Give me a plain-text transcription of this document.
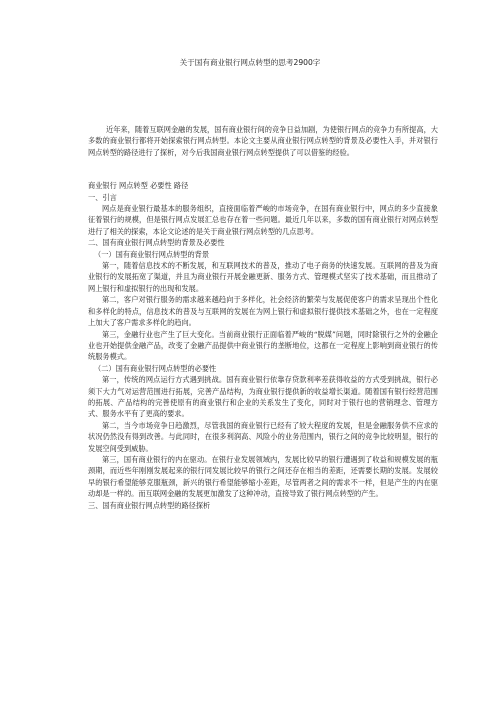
关于国有商业银行网点转型的思考2900字

近年来，随着互联网金融的发展，国有商业银行间的竞争日益加剧，为使银行网点的竞争力有所提高，大多数的商业银行都将开始探索银行网点转型。本论文主要从商业银行网点转型的背景及必要性入手，并对银行网点转型的路径进行了探析，对今后我国商业银行网点转型提供了可以借鉴的经验。

商业银行 网点转型 必要性 路径

一、引言

网点是商业银行最基本的服务组织，直接面临着严峻的市场竞争，在国有商业银行中，网点的多少直接象征着银行的规模，但是银行网点发展汇总也存在着一些问题。最近几年以来，多数的国有商业银行对网点转型进行了相关的探索，本论文论述的是关于商业银行网点转型的几点思考。

二、国有商业银行网点转型的背景及必要性

（一）国有商业银行网点转型的背景

第一，随着信息技术的不断发展，和互联网技术的普及，推动了电子商务的快速发展。互联网的普及为商业银行的发展拓宽了渠道，并且为商业银行开展金融更新、服务方式、管理模式坚实了技术基础，而且推动了网上银行和虚拟银行的出现和发展。

第二，客户对银行服务的需求越来越趋向于多样化，社会经济的繁荣与发展促使客户的需求呈现出个性化和多样化的特点，信息技术的普及与互联网的发展在为网上银行和虚拟银行提供技术基础之外，也在一定程度上加大了客户需求多样化的趋向。

第三，金融行业也产生了巨大变化。当前商业银行正面临着严峻的“脱媒”问题，同时除银行之外的金融企业也开始提供金融产品，改变了金融产品提供中商业银行的垄断地位，这都在一定程度上影响到商业银行的传统服务模式。

（二）国有商业银行网点转型的必要性

第一，传统的网点运行方式遇到挑战。国有商业银行依靠存贷款利率差获得收益的方式受到挑战，银行必须下大力气对运营范围进行拓展，完善产品结构，为商业银行提供新的收益增长渠道。随着国有银行经营范围的拓展、产品结构的完善使原有的商业银行和企业的关系发生了变化，同时对于银行也的营销理念、管理方式、服务水平有了更高的要求。

第二，当今市场竞争日趋激烈，尽管我国的商业银行已经有了较大程度的发展，但是金融服务供不应求的状况仍然没有得到改善。与此同时，在很多利润高、风险小的业务范围内，银行之间的竞争比较明显，银行的发展空间受到威胁。

第三，国有商业银行的内在驱动。在银行业发展领域内，发展比较早的银行遭遇到了收益和规模发展的瓶颈期，而近些年刚刚发展起来的银行同发展比较早的银行之间还存在相当的差距，还需要长期的发展。发展较早的银行希望能够克服瓶颈，新兴的银行希望能够缩小差距，尽管两者之间的需求不一样，但是产生的内在驱动却是一样的。而互联网金融的发展更加激发了这种冲动，直接导致了银行网点转型的产生。

三、国有商业银行网点转型的路径探析
